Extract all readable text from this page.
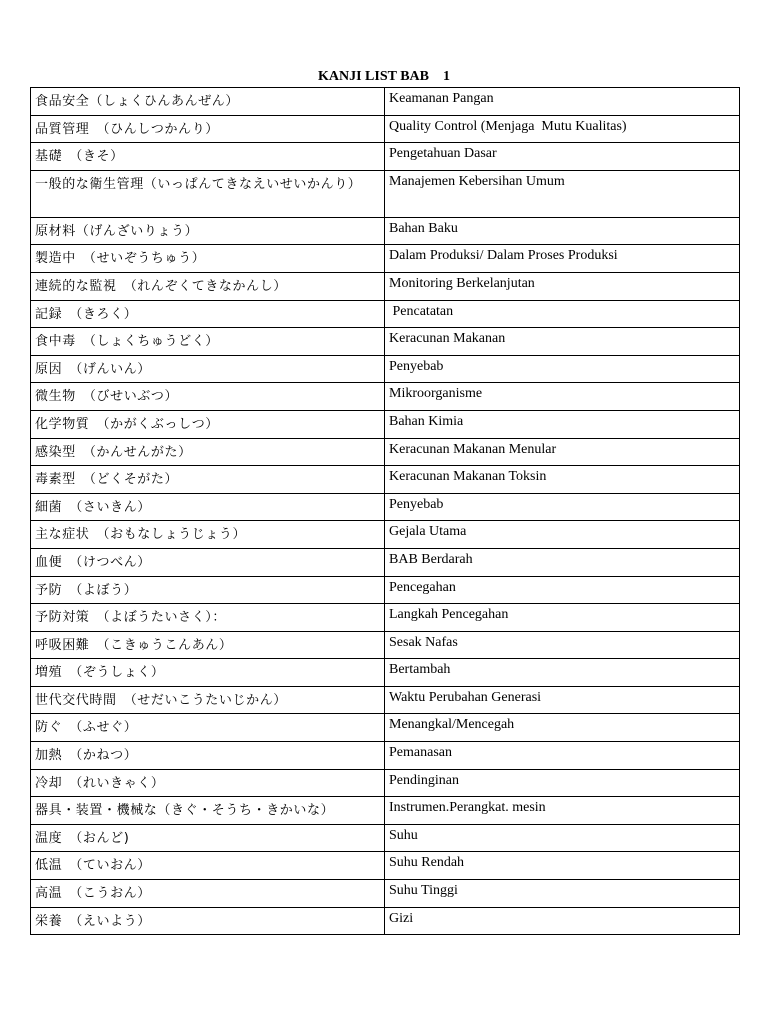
KANJI LIST BAB    1
食品安全（しょくひんあんぜん）	Keamanan Pangan

品質管理　（ひんしつかんり）	Quality Control (Menjaga  Mutu Kualitas)

基礎　（きそ）	Pengetahuan Dasar

一般的な衛生管理（いっぱんてきなえいせいかんり）	Manajemen Kebersihan Umum

原材料（げんざいりょう）	Bahan Baku

製造中　（せいぞうちゅう）	Dalam Produksi/ Dalam Proses Produksi

連続的な監視　（れんぞくてきなかんし）	Monitoring Berkelanjutan

記録　（きろく）	Pencatatan

食中毒　（しょくちゅうどく）	Keracunan Makanan

原因　（げんいん）	Penyebab

微生物　（びせいぶつ）	Mikroorganisme

化学物質　（かがくぶっしつ）	Bahan Kimia

感染型　（かんせんがた）	Keracunan Makanan Menular

毒素型　（どくそがた）	Keracunan Makanan Toksin

細菌　（さいきん）	Penyebab

主な症状　（おもなしょうじょう）	Gejala Utama

血便　（けつべん）	BAB Berdarah

予防　（よぼう）	Pencegahan

予防対策　（よぼうたいさく）：	Langkah Pencegahan

呼吸困難　（こきゅうこんあん）	Sesak Nafas

増殖　（ぞうしょく）	Bertambah

世代交代時間　（せだいこうたいじかん）	Waktu Perubahan Generasi

防ぐ　（ふせぐ）	Menangkal/Mencegah

加熱　（かねつ）	Pemanasan

冷却　（れいきゃく）	Pendinginan

器具・装置・機械な（きぐ・そうち・きかいな）	Instrumen.Perangkat. mesin

温度　（おんど)	Suhu

低温　（ていおん）	Suhu Rendah

高温　（こうおん）	Suhu Tinggi

栄養　（えいよう）	Gizi
